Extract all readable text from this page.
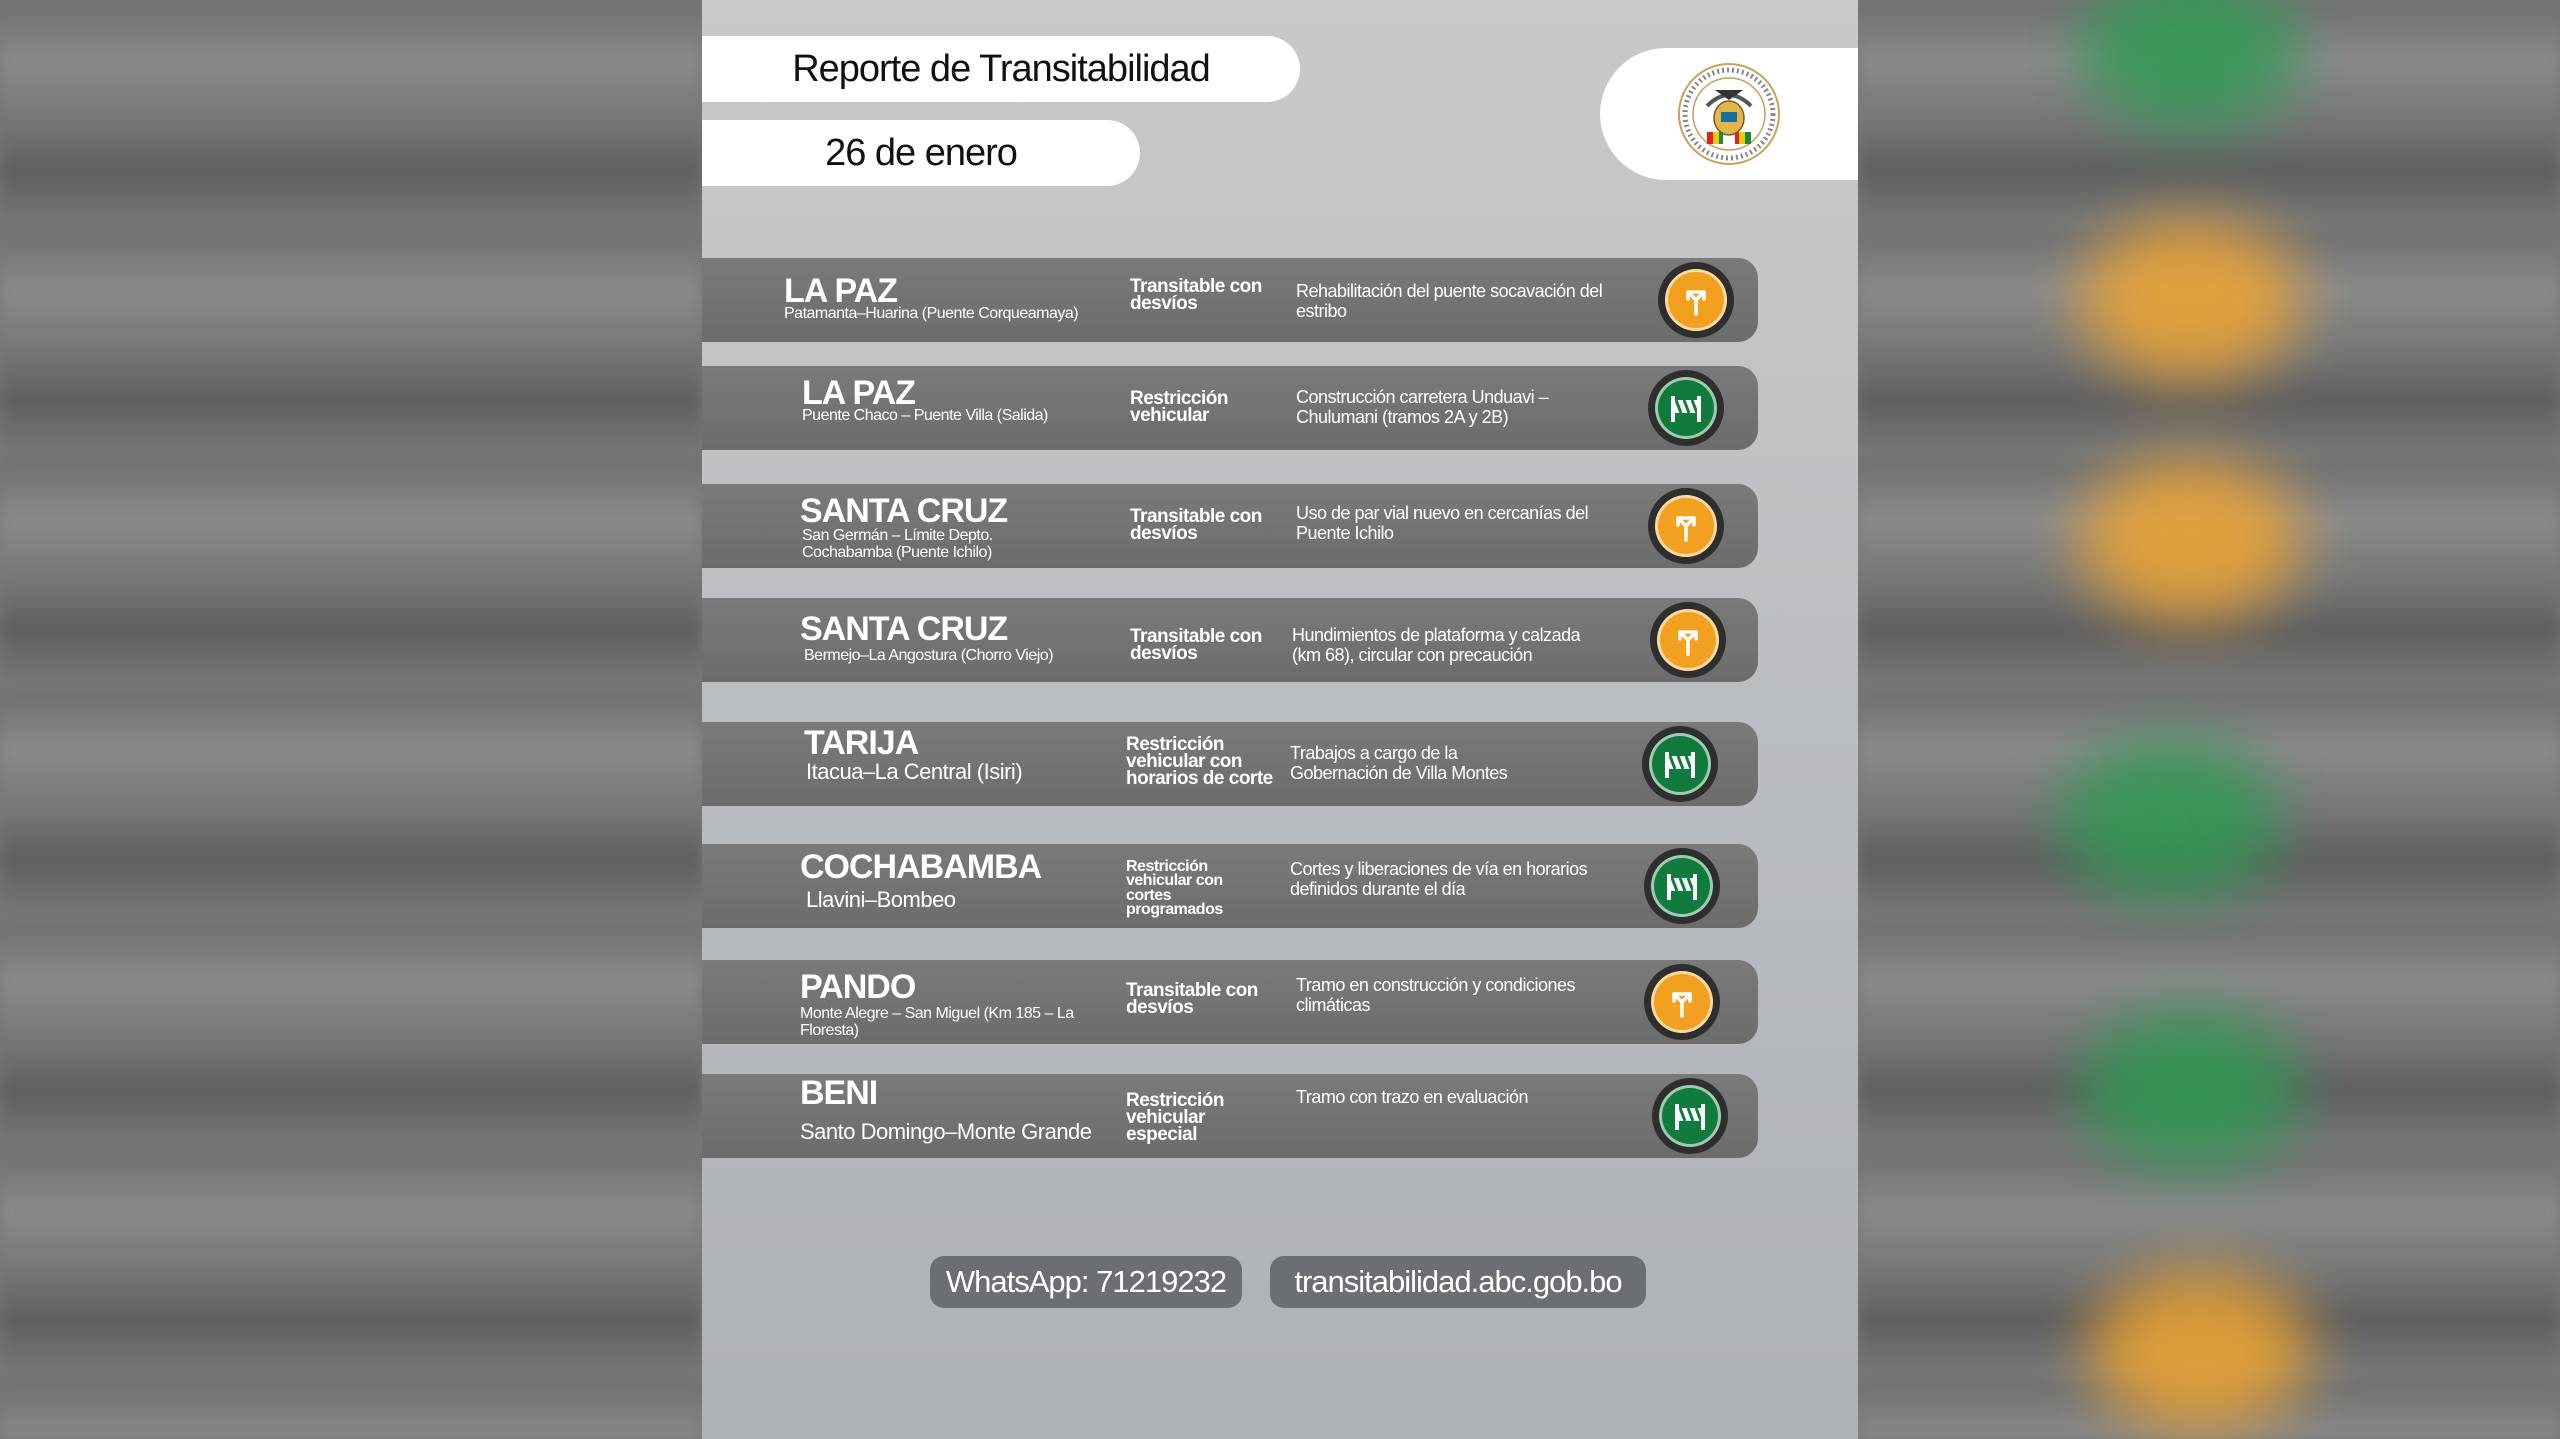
Reporte de Transitabilidad
26 de enero
LA PAZ
Patamanta–Huarina (Puente Corqueamaya)
Transitable con desvíos
Rehabilitación del puente socavación del estribo
LA PAZ
Puente Chaco – Puente Villa (Salida)
Restricción vehicular
Construcción carretera Unduavi – Chulumani (tramos 2A y 2B)
SANTA CRUZ
San Germán – Límite Depto. Cochabamba (Puente Ichilo)
Transitable con desvíos
Uso de par vial nuevo en cercanías del Puente Ichilo
SANTA CRUZ
Bermejo–La Angostura (Chorro Viejo)
Transitable con desvíos
Hundimientos de plataforma y calzada (km 68), circular con precaución
TARIJA
Itacua–La Central (Isiri)
Restricción vehicular con horarios de corte
Trabajos a cargo de la Gobernación de Villa Montes
COCHABAMBA
Llavini–Bombeo
Restricción vehicular con cortes programados
Cortes y liberaciones de vía en horarios definidos durante el día
PANDO
Monte Alegre – San Miguel (Km 185 – La Floresta)
Transitable con desvíos
Tramo en construcción y condiciones climáticas
BENI
Santo Domingo–Monte Grande
Restricción vehicular especial
Tramo con trazo en evaluación
WhatsApp: 71219232	transitabilidad.abc.gob.bo
